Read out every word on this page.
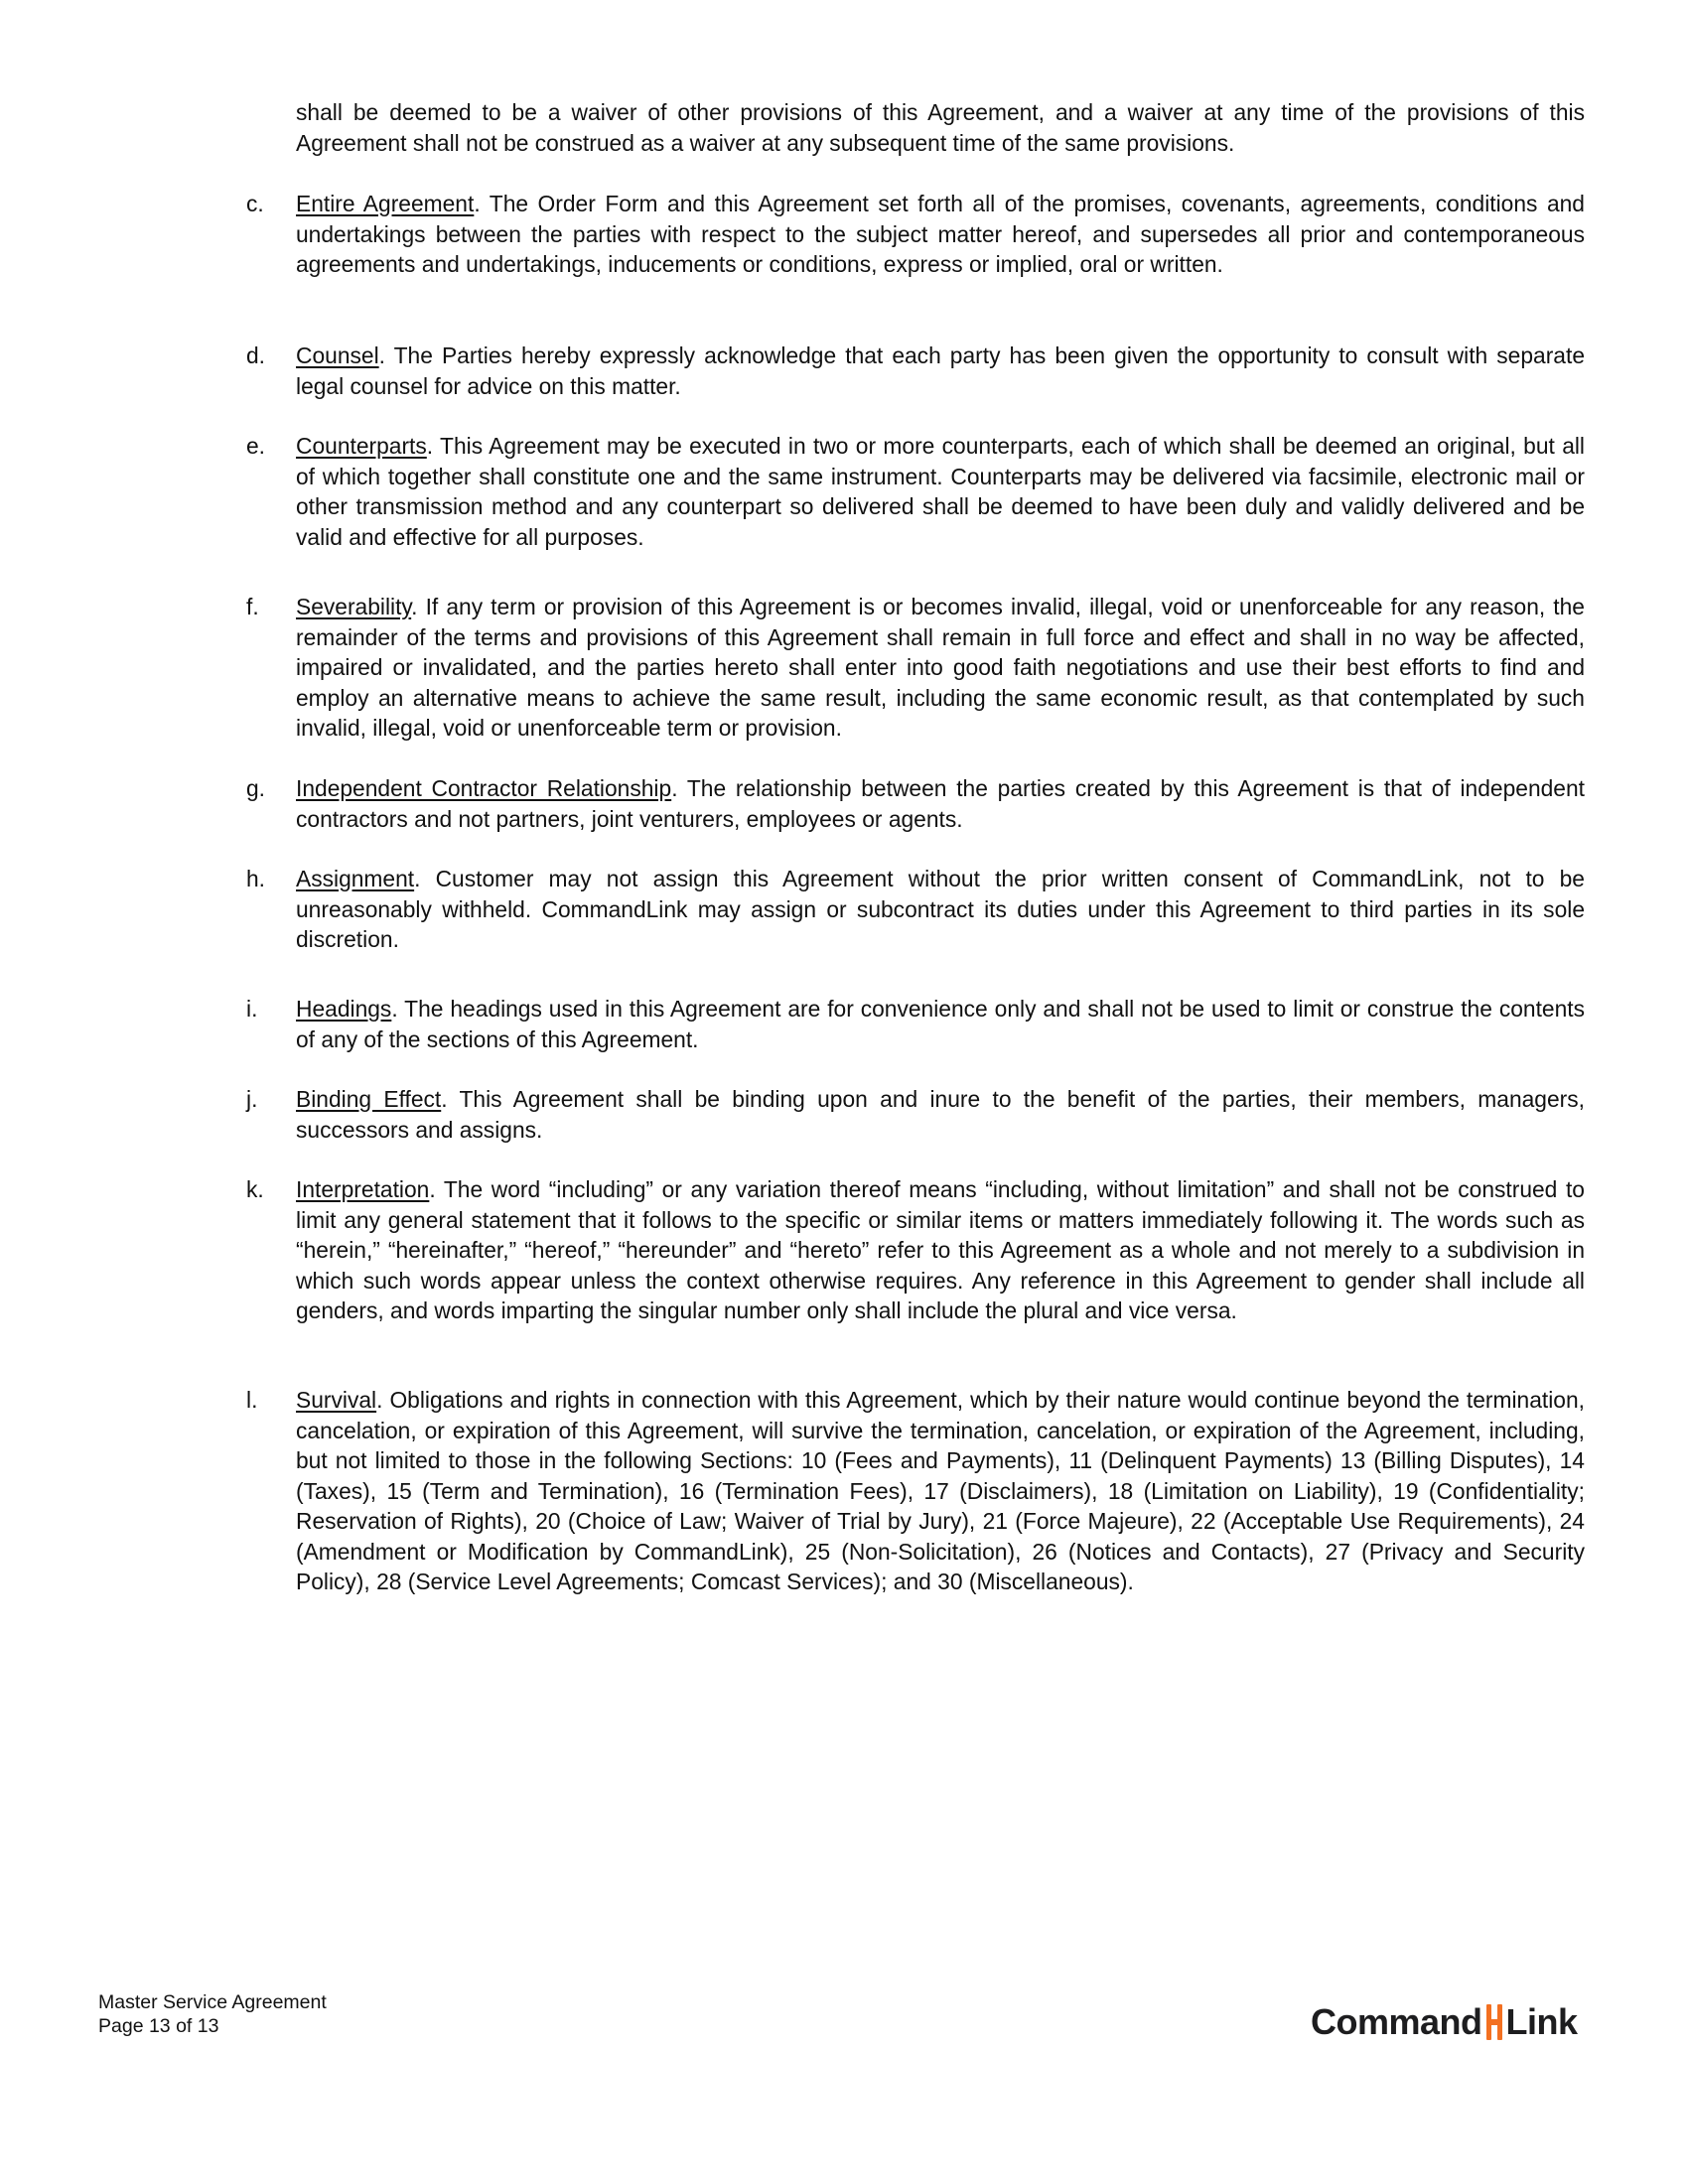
shall be deemed to be a waiver of other provisions of this Agreement, and a waiver at any time of the provisions of this Agreement shall not be construed as a waiver at any subsequent time of the same provisions.

c.	Entire Agreement. The Order Form and this Agreement set forth all of the promises, covenants, agreements, conditions and undertakings between the parties with respect to the subject matter hereof, and supersedes all prior and contemporaneous agreements and undertakings, inducements or conditions, express or implied, oral or written.
d.	Counsel. The Parties hereby expressly acknowledge that each party has been given the opportunity to consult with separate legal counsel for advice on this matter.
e.	Counterparts. This Agreement may be executed in two or more counterparts, each of which shall be deemed an original, but all of which together shall constitute one and the same instrument. Counterparts may be delivered via facsimile, electronic mail or other transmission method and any counterpart so delivered shall be deemed to have been duly and validly delivered and be valid and effective for all purposes.
f.	Severability. If any term or provision of this Agreement is or becomes invalid, illegal, void or unenforceable for any reason, the remainder of the terms and provisions of this Agreement shall remain in full force and effect and shall in no way be affected, impaired or invalidated, and the parties hereto shall enter into good faith negotiations and use their best efforts to find and employ an alternative means to achieve the same result, including the same economic result, as that contemplated by such invalid, illegal, void or unenforceable term or provision.
g.	Independent Contractor Relationship. The relationship between the parties created by this Agreement is that of independent contractors and not partners, joint venturers, employees or agents.
h.	Assignment. Customer may not assign this Agreement without the prior written consent of CommandLink, not to be unreasonably withheld. CommandLink may assign or subcontract its duties under this Agreement to third parties in its sole discretion.
i.	Headings. The headings used in this Agreement are for convenience only and shall not be used to limit or construe the contents of any of the sections of this Agreement.
j.	Binding Effect. This Agreement shall be binding upon and inure to the benefit of the parties, their members, managers, successors and assigns.
k.	Interpretation. The word “including” or any variation thereof means “including, without limitation” and shall not be construed to limit any general statement that it follows to the specific or similar items or matters immediately following it. The words such as “herein,” “hereinafter,” “hereof,” “hereunder” and “hereto” refer to this Agreement as a whole and not merely to a subdivision in which such words appear unless the context otherwise requires. Any reference in this Agreement to gender shall include all genders, and words imparting the singular number only shall include the plural and vice versa.
l.	Survival. Obligations and rights in connection with this Agreement, which by their nature would continue beyond the termination, cancelation, or expiration of this Agreement, will survive the termination, cancelation, or expiration of the Agreement, including, but not limited to those in the following Sections: 10 (Fees and Payments), 11 (Delinquent Payments) 13 (Billing Disputes), 14 (Taxes), 15 (Term and Termination), 16 (Termination Fees), 17 (Disclaimers), 18 (Limitation on Liability), 19 (Confidentiality; Reservation of Rights), 20 (Choice of Law; Waiver of Trial by Jury), 21 (Force Majeure), 22 (Acceptable Use Requirements), 24 (Amendment or Modification by CommandLink), 25 (Non-Solicitation), 26 (Notices and Contacts), 27 (Privacy and Security Policy), 28 (Service Level Agreements; Comcast Services); and 30 (Miscellaneous).
Master Service Agreement
Page 13 of 13	Command Link
